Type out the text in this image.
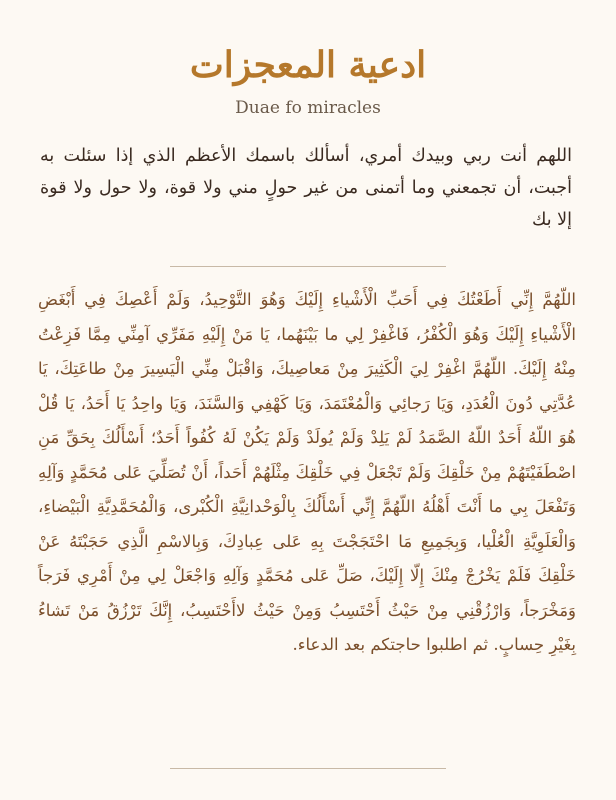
ادعية المعجزات
Duae fo miracles
اللهم أنت ربي وبيدك أمري، أسألك باسمك الأعظم الذي إذا سئلت به أجبت، أن تجمعني وما أتمنى من غير حولٍ مني ولا قوة، ولا حول ولا قوة إلا بك

اللّهُمَّ إِنِّي أَطَعْتُكَ فِي أَحَبِّ الْأَشْياءِ إِلَيْكَ وَهُوَ التَّوْحِيدُ، وَلَمْ أَعْصِكَ فِي أَبْغَضِ الْأَشْياءِ إِلَيْكَ وَهُوَ الْكُفْرُ، فَاغْفِرْ لِي ما بَيْنَهُما، يَا مَنْ إِلَيْهِ مَفَرِّي آمِنِّي مِمَّا فَزِعْتُ مِنْهُ إِلَيْكَ. اللّهُمَّ اغْفِرْ لِيَ الْكَثِيرَ مِنْ مَعاصِيكَ، وَاقْبَلْ مِنِّي الْيَسِيرَ مِنْ طاعَتِكَ، يَا عُدَّتِي دُونَ الْعُدَدِ، وَيَا رَجائِي وَالْمُعْتَمَدَ، وَيَا كَهْفِي وَالسَّنَدَ، وَيَا واحِدُ يَا أَحَدُ، يَا قُلْ هُوَ اللّهُ أَحَدٌ اللّهُ الصَّمَدُ لَمْ يَلِدْ وَلَمْ يُولَدْ وَلَمْ يَكُنْ لَهُ كُفُواً أَحَدٌ؛ أَسْأَلُكَ بِحَقِّ مَنِ اصْطَفَيْتَهُمْ مِنْ خَلْقِكَ وَلَمْ تَجْعَلْ فِي خَلْقِكَ مِثْلَهُمْ أَحَداً، أَنْ تُصَلِّيَ عَلى مُحَمَّدٍ وَآلِهِ وَتَفْعَلَ بِي ما أَنْتَ أَهْلُهُ اللّهُمَّ إِنِّي أَسْأَلُكَ بِالْوَحْدانِيَّةِ الْكُبْرى، وَالْمُحَمَّدِيَّةِ الْبَيْضاءِ، وَالْعَلَوِيَّةِ الْعُلْيا، وَبِجَمِيعِ مَا احْتَجَجْتَ بِهِ عَلى عِبادِكَ، وَبِالاسْمِ الَّذِي حَجَبْتَهُ عَنْ خَلْقِكَ فَلَمْ يَخْرُجْ مِنْكَ إِلّا إِلَيْكَ، صَلِّ عَلى مُحَمَّدٍ وَآلِهِ وَاجْعَلْ لِي مِنْ أَمْرِي فَرَجاً وَمَخْرَجاً، وَارْزُقْنِي مِنْ حَيْثُ أَحْتَسِبُ وَمِنْ حَيْثُ لاأَحْتَسِبُ، إِنَّكَ تَرْزُقُ مَنْ تَشاءُ بِغَيْرِ حِسابٍ. ثم اطلبوا حاجتكم بعد الدعاء.
